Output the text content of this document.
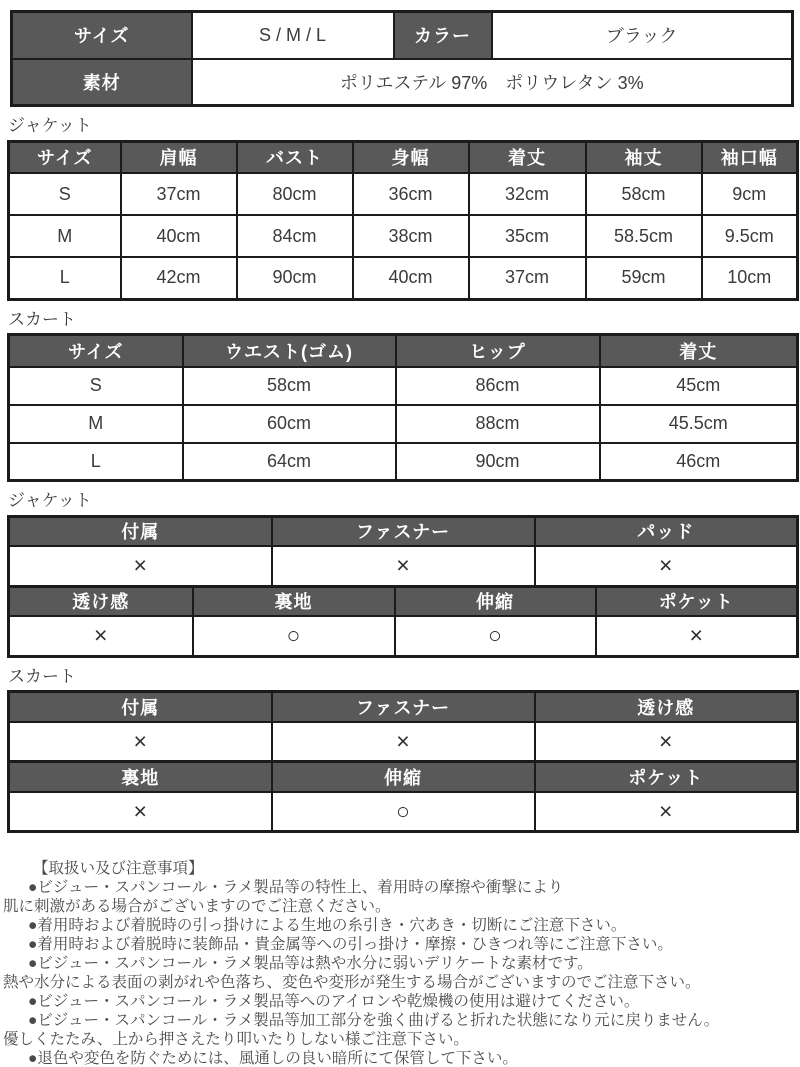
サイズ	S / M / L	カラー	ブラック
素材	ポリエステル 97%　ポリウレタン 3%		
ジャケット
サイズ	肩幅	バスト	身幅	着丈	袖丈	袖口幅
S	37cm	80cm	36cm	32cm	58cm	9cm
M	40cm	84cm	38cm	35cm	58.5cm	9.5cm
L	42cm	90cm	40cm	37cm	59cm	10cm
スカート
サイズ	ウエスト(ゴム)	ヒップ	着丈
S	58cm	86cm	45cm
M	60cm	88cm	45.5cm
L	64cm	90cm	46cm
ジャケット
付属	ファスナー	パッド
×	×	×
透け感	裏地	伸縮	ポケット
×	○	○	×
スカート
付属	ファスナー	透け感
×	×	×
裏地	伸縮	ポケット
×	○	×
【取扱い及び注意事項】
●ビジュー・スパンコール・ラメ製品等の特性上、着用時の摩擦や衝撃により
肌に刺激がある場合がございますのでご注意ください。
●着用時および着脱時の引っ掛けによる生地の糸引き・穴あき・切断にご注意下さい。
●着用時および着脱時に装飾品・貴金属等への引っ掛け・摩擦・ひきつれ等にご注意下さい。
●ビジュー・スパンコール・ラメ製品等は熱や水分に弱いデリケートな素材です。
熱や水分による表面の剥がれや色落ち、変色や変形が発生する場合がございますのでご注意下さい。
●ビジュー・スパンコール・ラメ製品等へのアイロンや乾燥機の使用は避けてください。
●ビジュー・スパンコール・ラメ製品等加工部分を強く曲げると折れた状態になり元に戻りません。
優しくたたみ、上から押さえたり叩いたりしない様ご注意下さい。
●退色や変色を防ぐためには、風通しの良い暗所にて保管して下さい。
